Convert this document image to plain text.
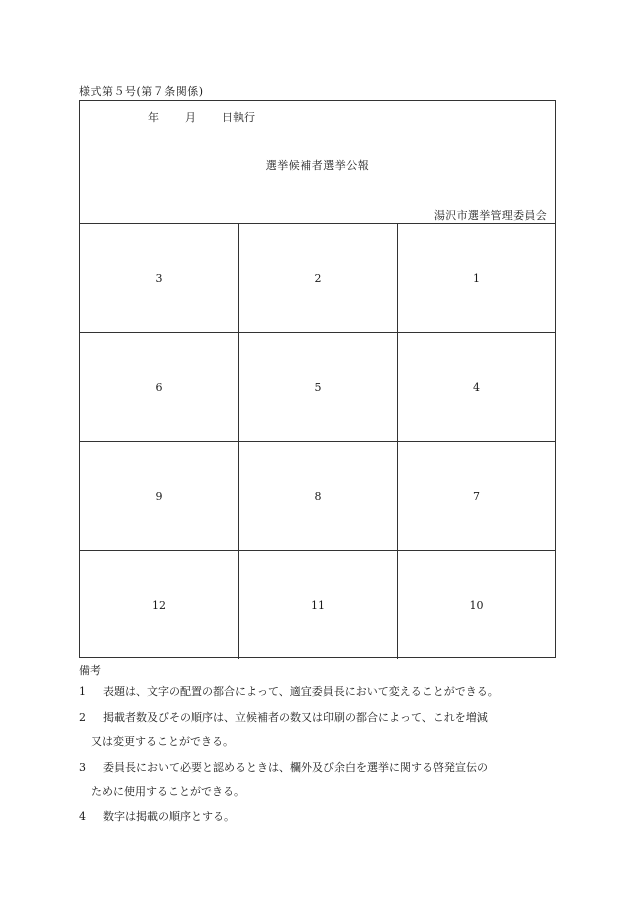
様式第５号(第７条関係)
年 月 日執行
選挙候補者選挙公報
湯沢市選挙管理委員会
3	2	1
6	5	4
9	8	7
12	11	10
備考
1 表題は、文字の配置の都合によって、適宜委員長において変えることができる。
2 掲載者数及びその順序は、立候補者の数又は印刷の都合によって、これを増減
又は変更することができる。
3 委員長において必要と認めるときは、欄外及び余白を選挙に関する啓発宣伝の
ために使用することができる。
4 数字は掲載の順序とする。
